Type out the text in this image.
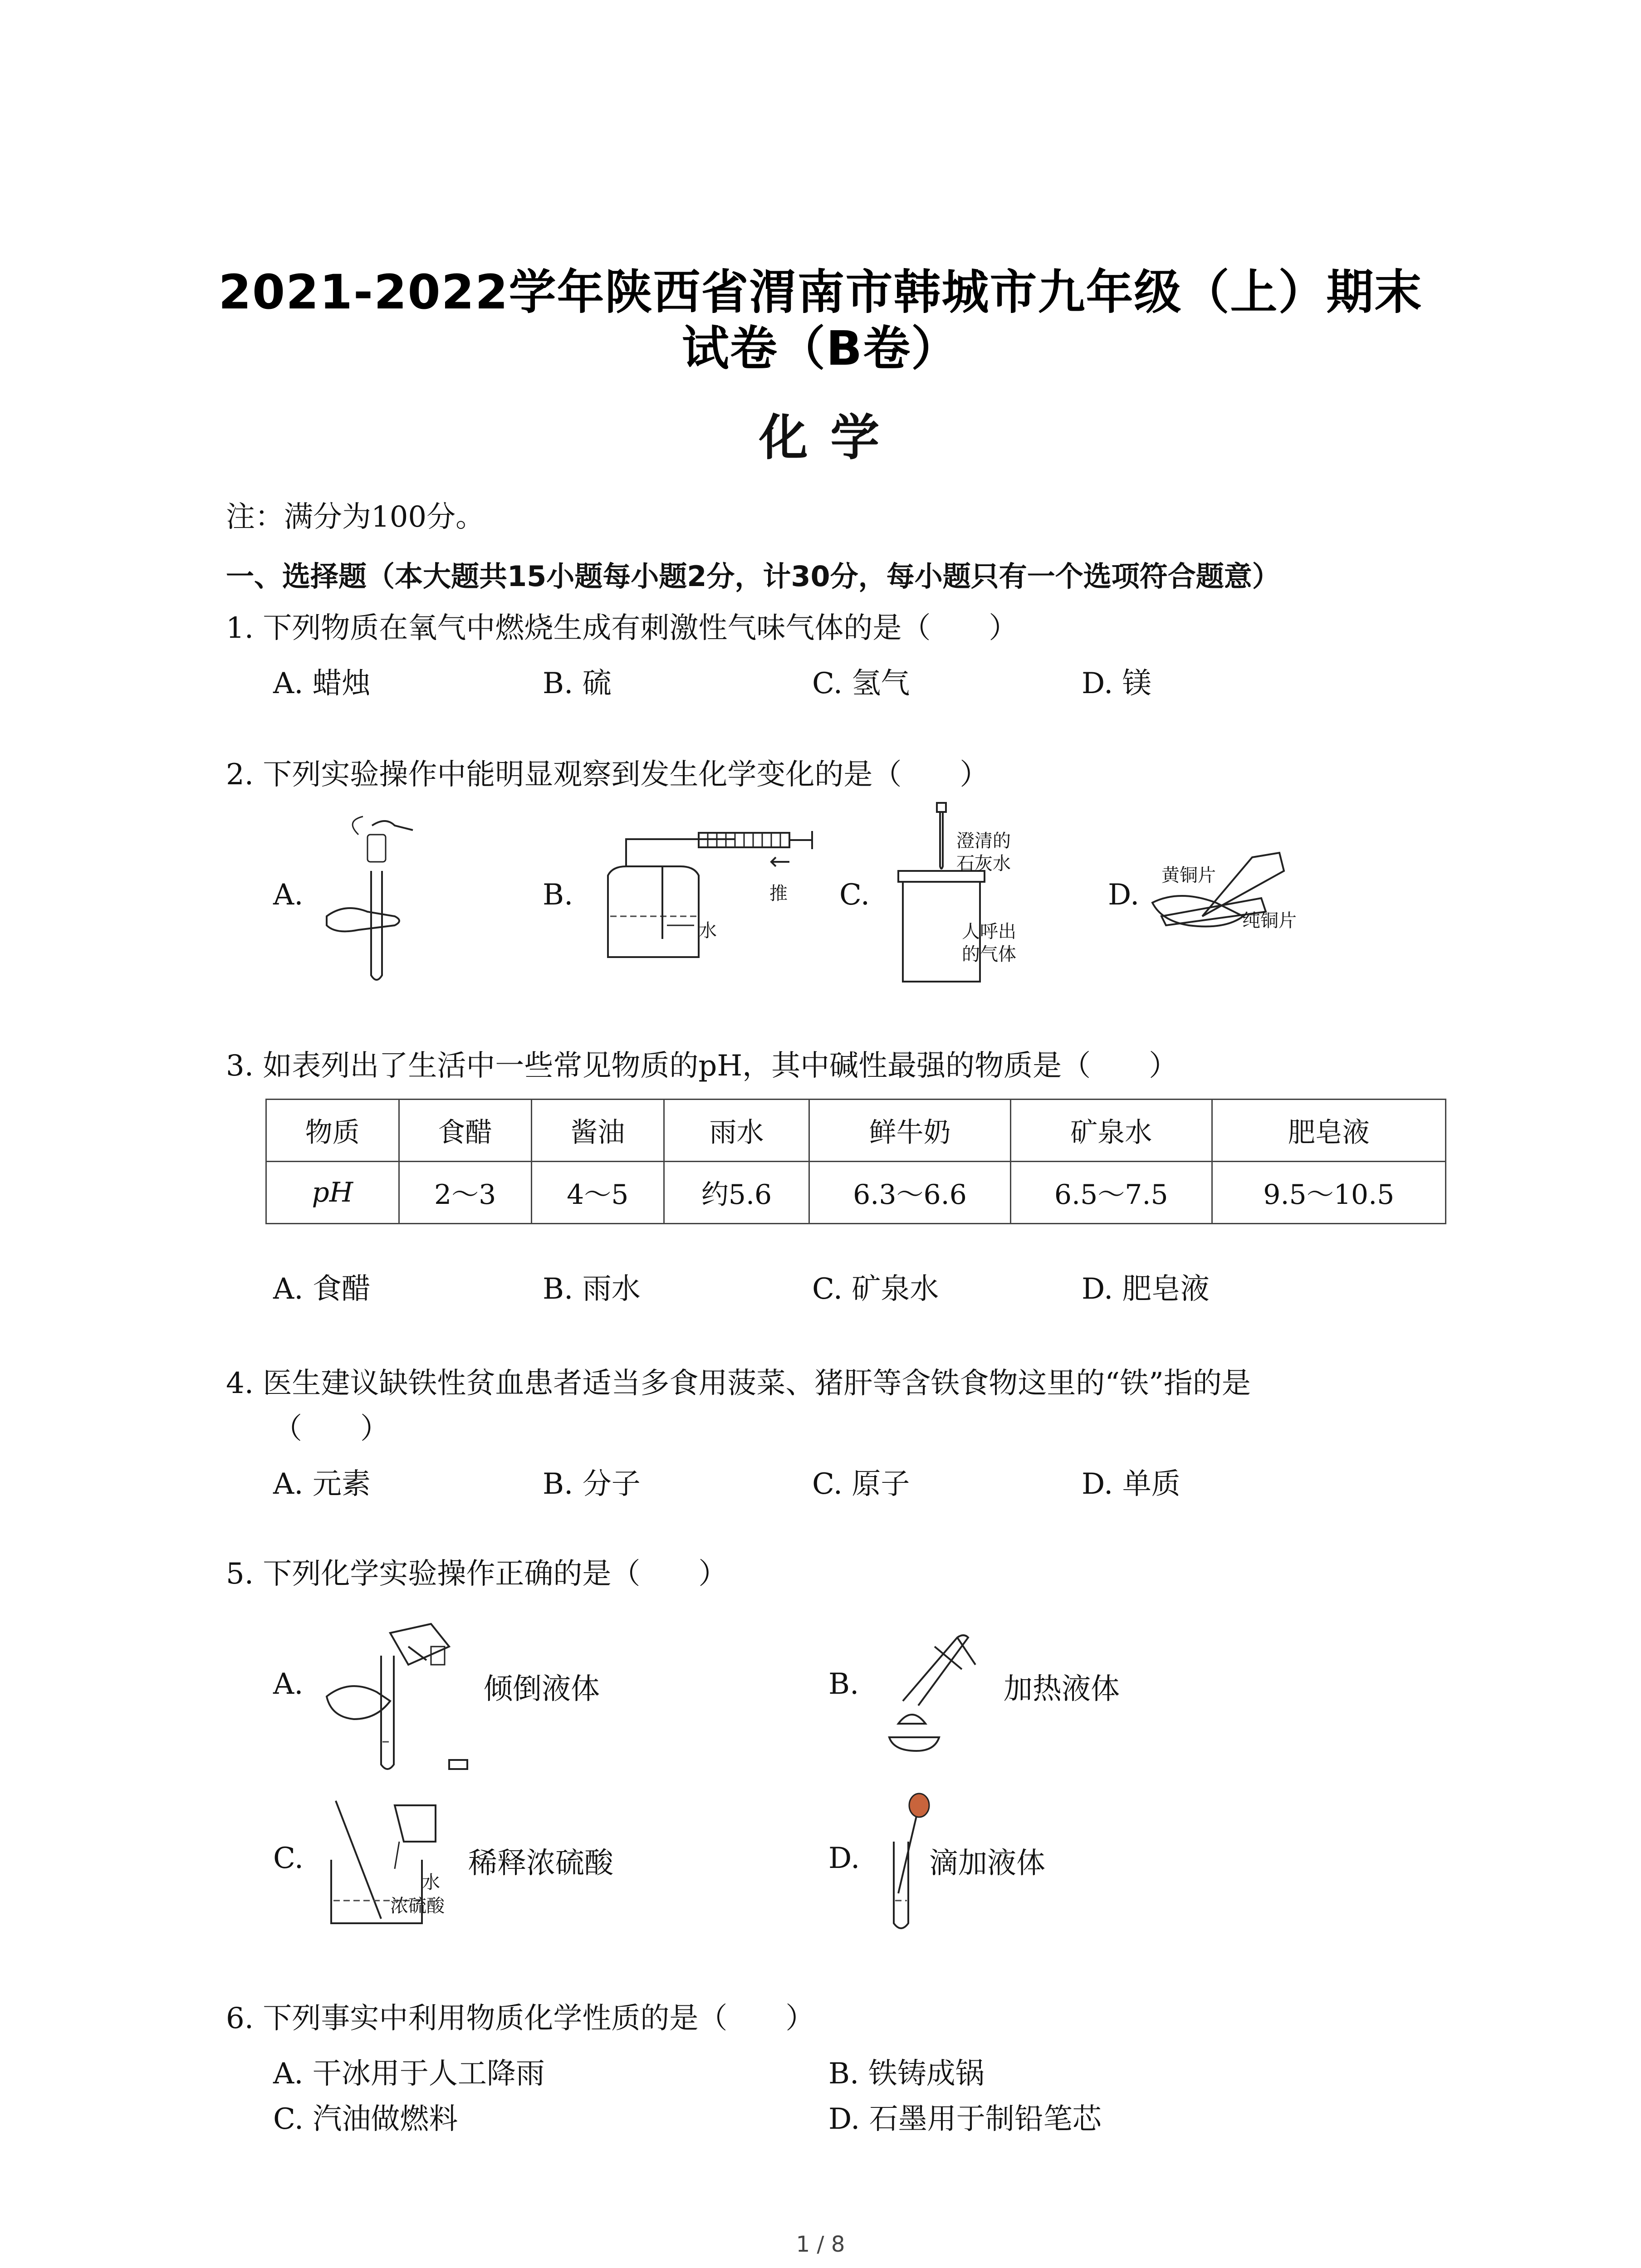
2021-2022学年陕西省渭南市韩城市九年级（上）期末
试卷（B卷）
化 学
注：满分为100分。
一、选择题（本大题共15小题每小题2分，计30分，每小题只有一个选项符合题意）
1. 下列物质在氧气中燃烧生成有刺激性气味气体的是（　　）
A. 蜡烛	B. 硫	C. 氢气	D. 镁
2. 下列实验操作中能明显观察到发生化学变化的是（　　）
A.	B.	C.	D.
水
推
澄清的
石灰水
人呼出
的气体
黄铜片
纯铜片
3. 如表列出了生活中一些常见物质的pH，其中碱性最强的物质是（　　）
物质	食醋	酱油	雨水	鲜牛奶	矿泉水	肥皂液
pH	2～3	4～5	约5.6	6.3～6.6	6.5～7.5	9.5～10.5
A. 食醋	B. 雨水	C. 矿泉水	D. 肥皂液
4. 医生建议缺铁性贫血患者适当多食用菠菜、猪肝等含铁食物这里的“铁”指的是
（　　）
A. 元素	B. 分子	C. 原子	D. 单质
5. 下列化学实验操作正确的是（　　）
A.	倾倒液体	B.	加热液体
C.
水
浓硫酸
稀释浓硫酸	D. 滴加液体
6. 下列事实中利用物质化学性质的是（　　）
A. 干冰用于人工降雨	B. 铁铸成锅
C. 汽油做燃料	D. 石墨用于制铅笔芯
1 / 8
